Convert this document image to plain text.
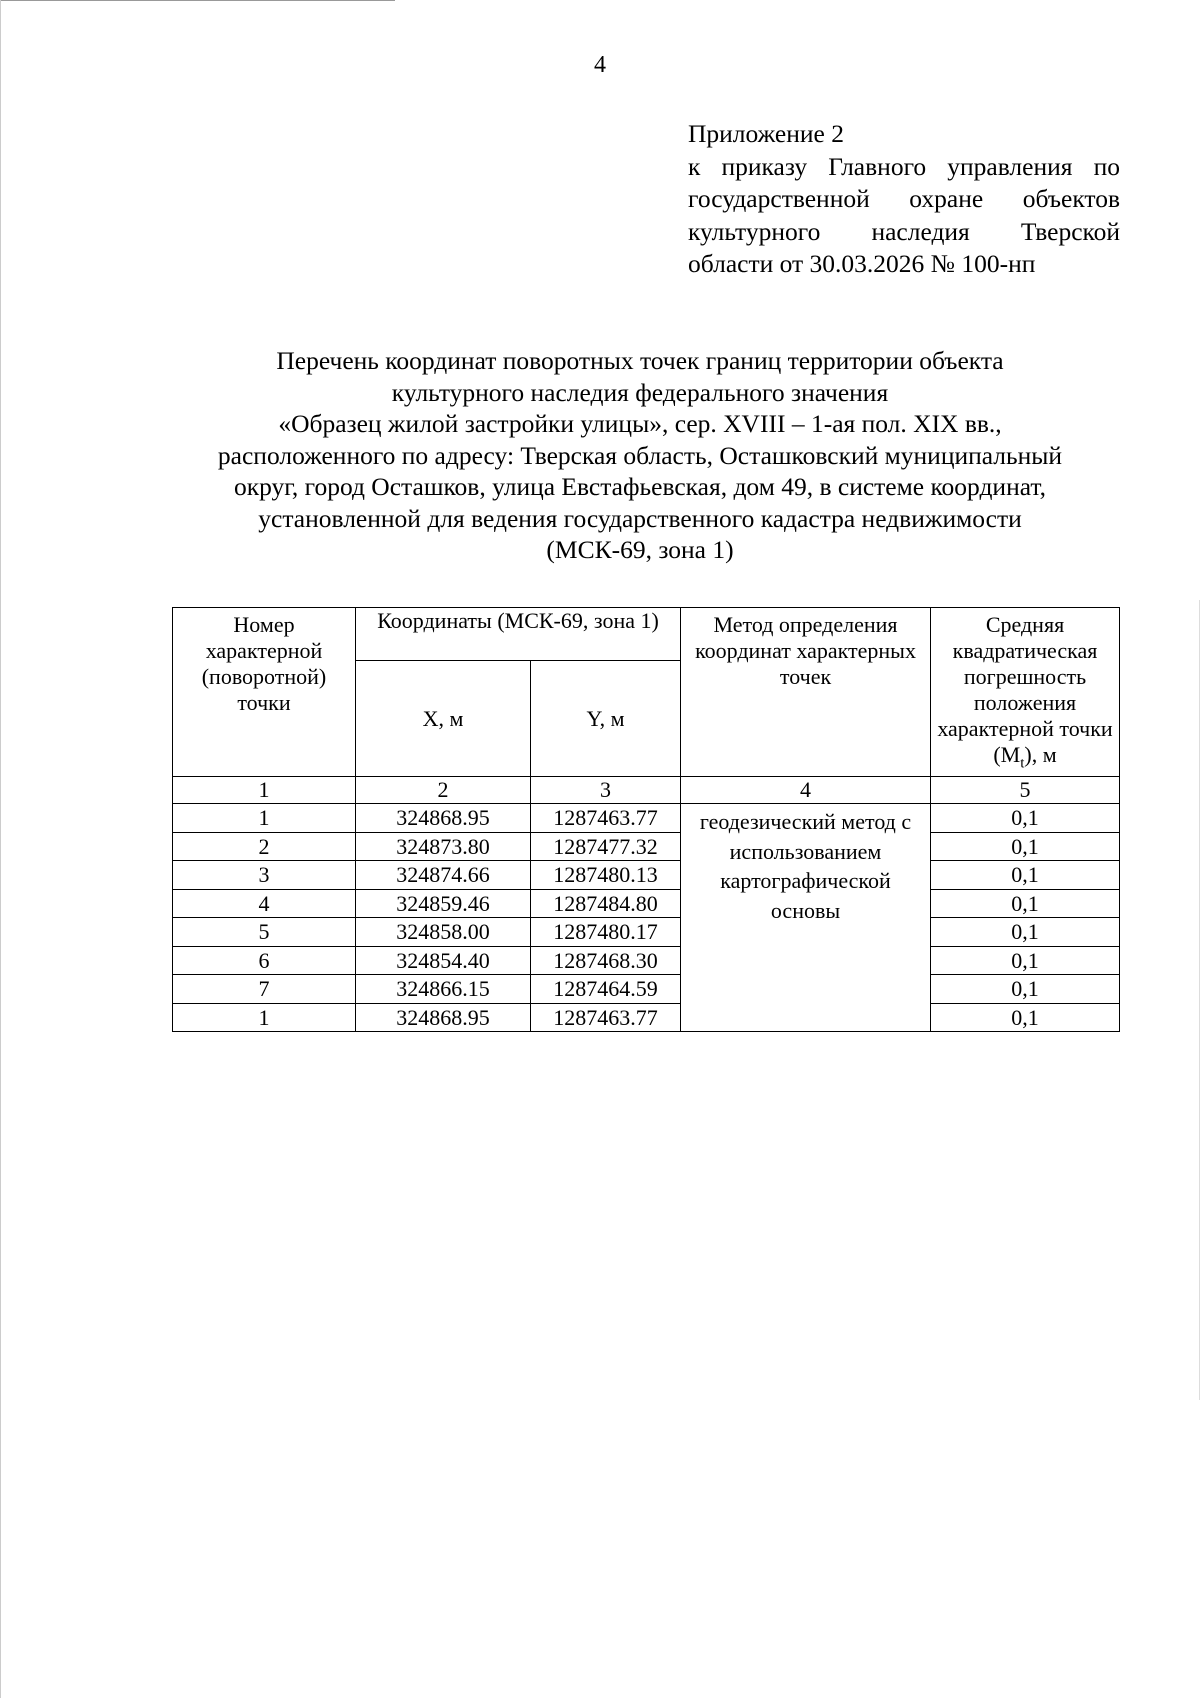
4
Приложение 2
к приказу Главного управления по государственной охране объектов культурного наследия Тверской области от 30.03.2026 № 100-нп
Перечень координат поворотных точек границ территории объекта
культурного наследия федерального значения
«Образец жилой застройки улицы», сер. XVIII – 1-ая пол. XIX вв.,
расположенного по адресу: Тверская область, Осташковский муниципальный
округ, город Осташков, улица Евстафьевская, дом 49, в системе координат,
установленной для ведения государственного кадастра недвижимости
(МСК-69, зона 1)
Номер характерной (поворотной) точки	Координаты (МСК-69, зона 1)		Метод определения координат характерных точек	Средняя квадратическая погрешность положения характерной точки $(M_t)$, м
	X, м	Y, м		
1	2	3	4	5
1	324868.95	1287463.77	геодезический метод с использованием картографической основы	0,1
2	324873.80	1287477.32		0,1
3	324874.66	1287480.13		0,1
4	324859.46	1287484.80		0,1
5	324858.00	1287480.17		0,1
6	324854.40	1287468.30		0,1
7	324866.15	1287464.59		0,1
1	324868.95	1287463.77		0,1
